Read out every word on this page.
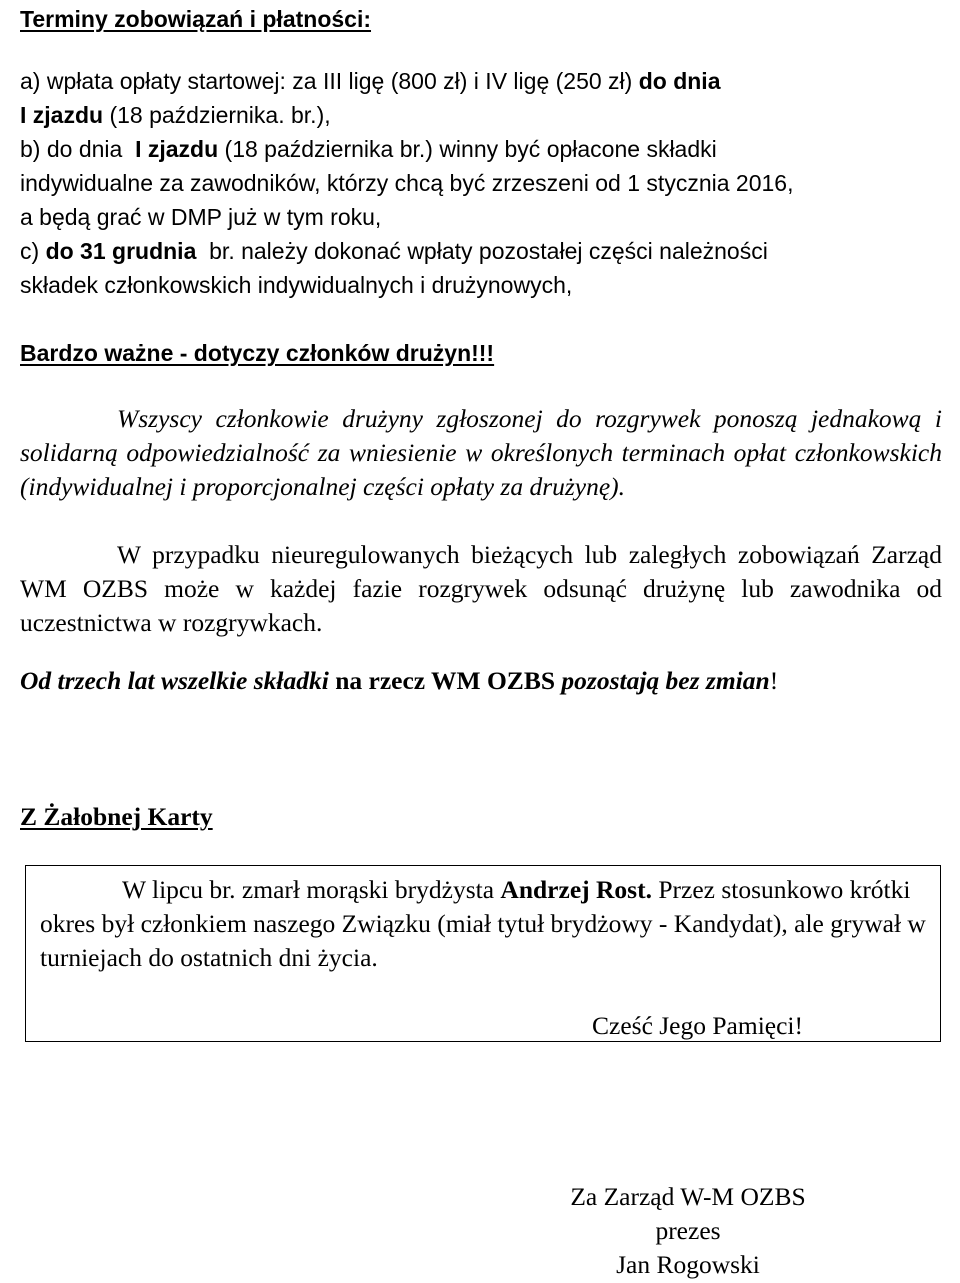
Terminy zobowiązań i płatności:
a) wpłata opłaty startowej: za III ligę (800 zł) i IV ligę (250 zł) do dnia
I zjazdu (18 października. br.),
b) do dnia I zjazdu (18 października br.) winny być opłacone składki
indywidualne za zawodników, którzy chcą być zrzeszeni od 1 stycznia 2016,
a będą grać w DMP już w tym roku,
c) do 31 grudnia br. należy dokonać wpłaty pozostałej części należności
składek członkowskich indywidualnych i drużynowych,
Bardzo ważne - dotyczy członków drużyn!!!
Wszyscy członkowie drużyny zgłoszonej do rozgrywek ponoszą jednakową i solidarną odpowiedzialność za wniesienie w określonych terminach opłat członkowskich (indywidualnej i proporcjonalnej części opłaty za drużynę).
W przypadku nieuregulowanych bieżących lub zaległych zobowiązań Zarząd WM OZBS może w każdej fazie rozgrywek odsunąć drużynę lub zawodnika od uczestnictwa w rozgrywkach.
Od trzech lat wszelkie składki na rzecz WM OZBS pozostają bez zmian!
Z Żałobnej Karty
W lipcu br. zmarł morąski brydżysta Andrzej Rost. Przez stosunkowo krótki okres był członkiem naszego Związku (miał tytuł brydżowy - Kandydat), ale grywał w turniejach do ostatnich dni życia.
Cześć Jego Pamięci!
Za Zarząd W-M OZBS
prezes
Jan Rogowski
